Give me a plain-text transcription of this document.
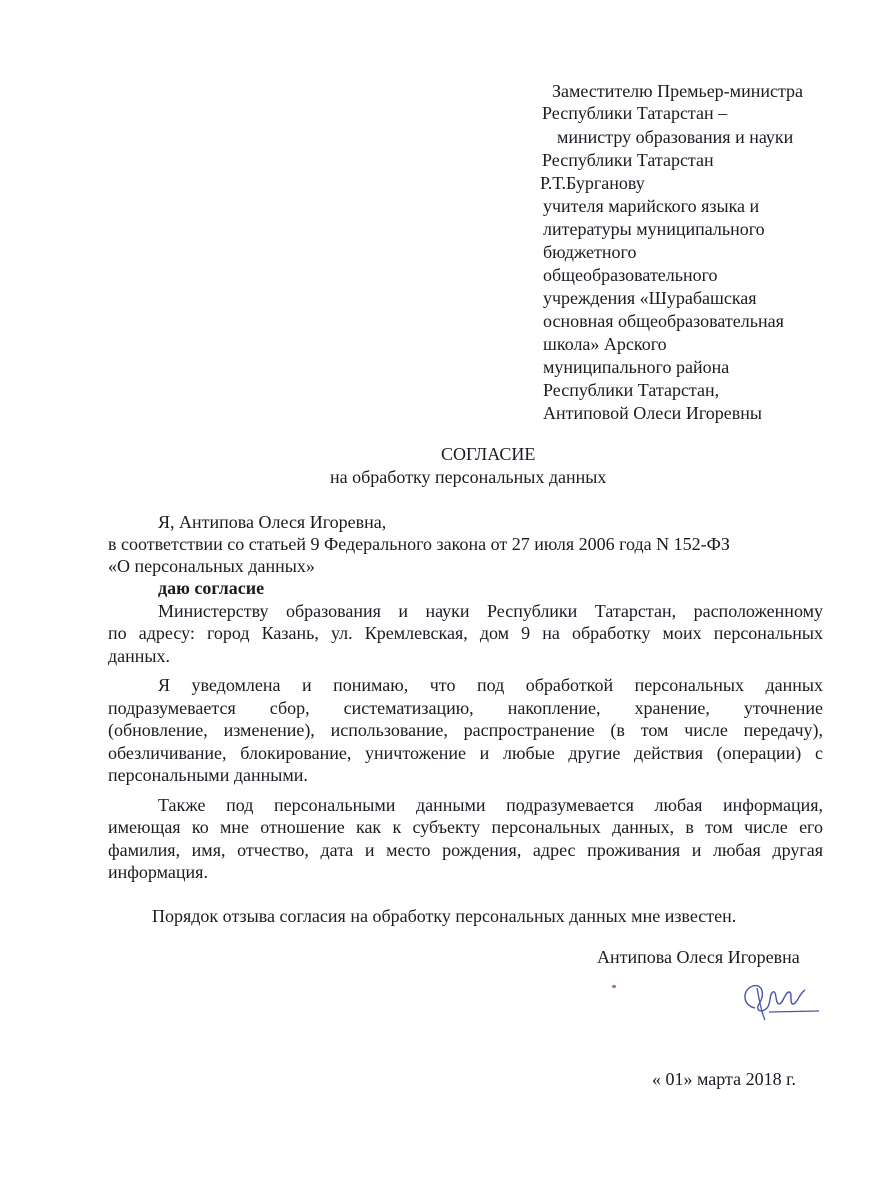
Заместителю Премьер-министра
Республики Татарстан –
министру образования и науки
Республики Татарстан
Р.Т.Бурганову
учителя марийского языка и
литературы муниципального
бюджетного
общеобразовательного
учреждения «Шурабашская
основная общеобразовательная
школа» Арского
муниципального района
Республики Татарстан,
Антиповой Олеси Игоревны
СОГЛАСИЕ
на обработку персональных данных
Я, Антипова Олеся Игоревна,
в соответствии со статьей 9 Федерального закона от 27 июля 2006 года N 152-ФЗ
«О персональных данных»
даю согласие
Министерству образования и науки Республики Татарстан, расположенному
по адресу: город Казань, ул. Кремлевская, дом 9 на обработку моих персональных
данных.
Я уведомлена и понимаю, что под обработкой персональных данных
подразумевается сбор, систематизацию, накопление, хранение, уточнение
(обновление, изменение), использование, распространение (в том числе передачу),
обезличивание, блокирование, уничтожение и любые другие действия (операции) с
персональными данными.
Также под персональными данными подразумевается любая информация,
имеющая ко мне отношение как к субъекту персональных данных, в том числе его
фамилия, имя, отчество, дата и место рождения, адрес проживания и любая другая
информация.
Порядок отзыва согласия на обработку персональных данных мне известен.
Антипова Олеся Игоревна
« 01» марта 2018 г.
